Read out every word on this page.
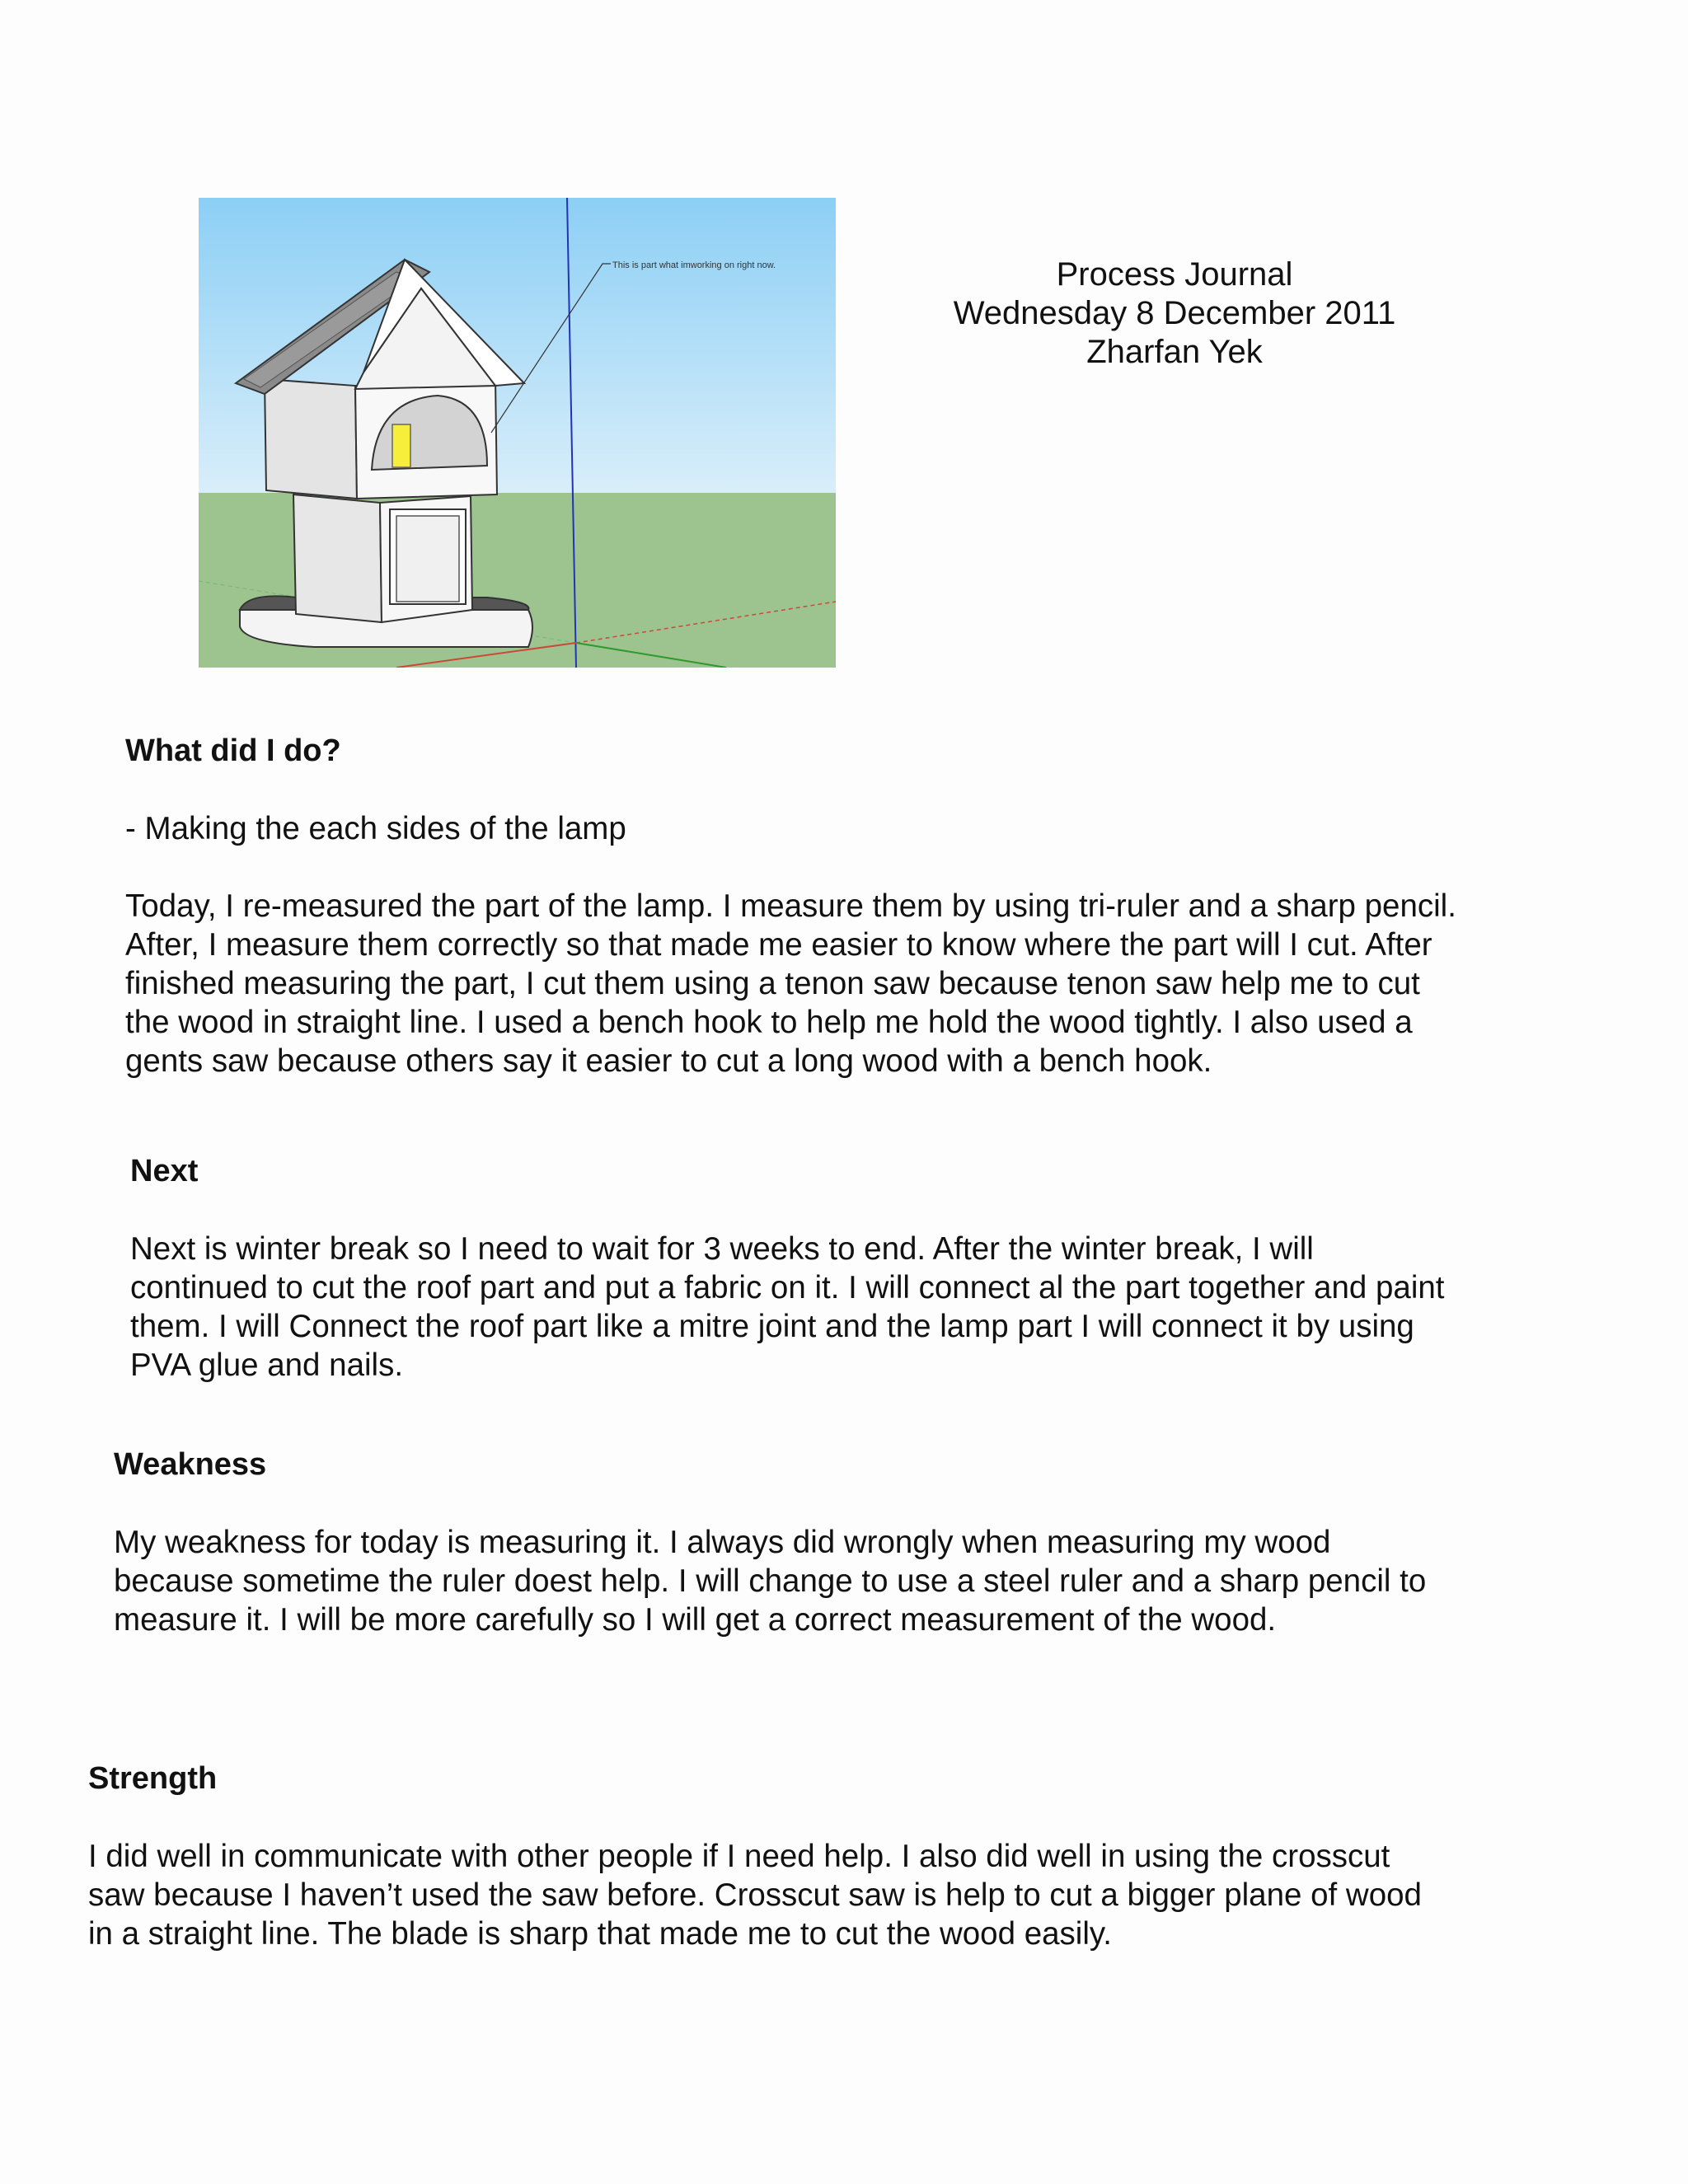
This is part what imworking on right now.	Process Journal
Wednesday 8 December 2011
Zharfan Yek
What did I do?
- Making the each sides of the lamp
Today, I re-measured the part of the lamp. I measure them by using tri-ruler and a sharp pencil.
After, I measure them correctly so that made me easier to know where the part will I cut. After
finished measuring the part, I cut them using a tenon saw because tenon saw help me to cut
the wood in straight line. I used a bench hook to help me hold the wood tightly. I also used a
gents saw because others say it easier to cut a long wood with a bench hook.
Next
Next is winter break so I need to wait for 3 weeks to end. After the winter break, I will
continued to cut the roof part and put a fabric on it. I will connect al the part together and paint
them. I will Connect the roof part like a mitre joint and the lamp part I will connect it by using
PVA glue and nails.
Weakness
My weakness for today is measuring it. I always did wrongly when measuring my wood
because sometime the ruler doest help. I will change to use a steel ruler and a sharp pencil to
measure it. I will be more carefully so I will get a correct measurement of the wood.
Strength
I did well in communicate with other people if I need help. I also did well in using the crosscut
saw because I haven’t used the saw before. Crosscut saw is help to cut a bigger plane of wood
in a straight line. The blade is sharp that made me to cut the wood easily.
